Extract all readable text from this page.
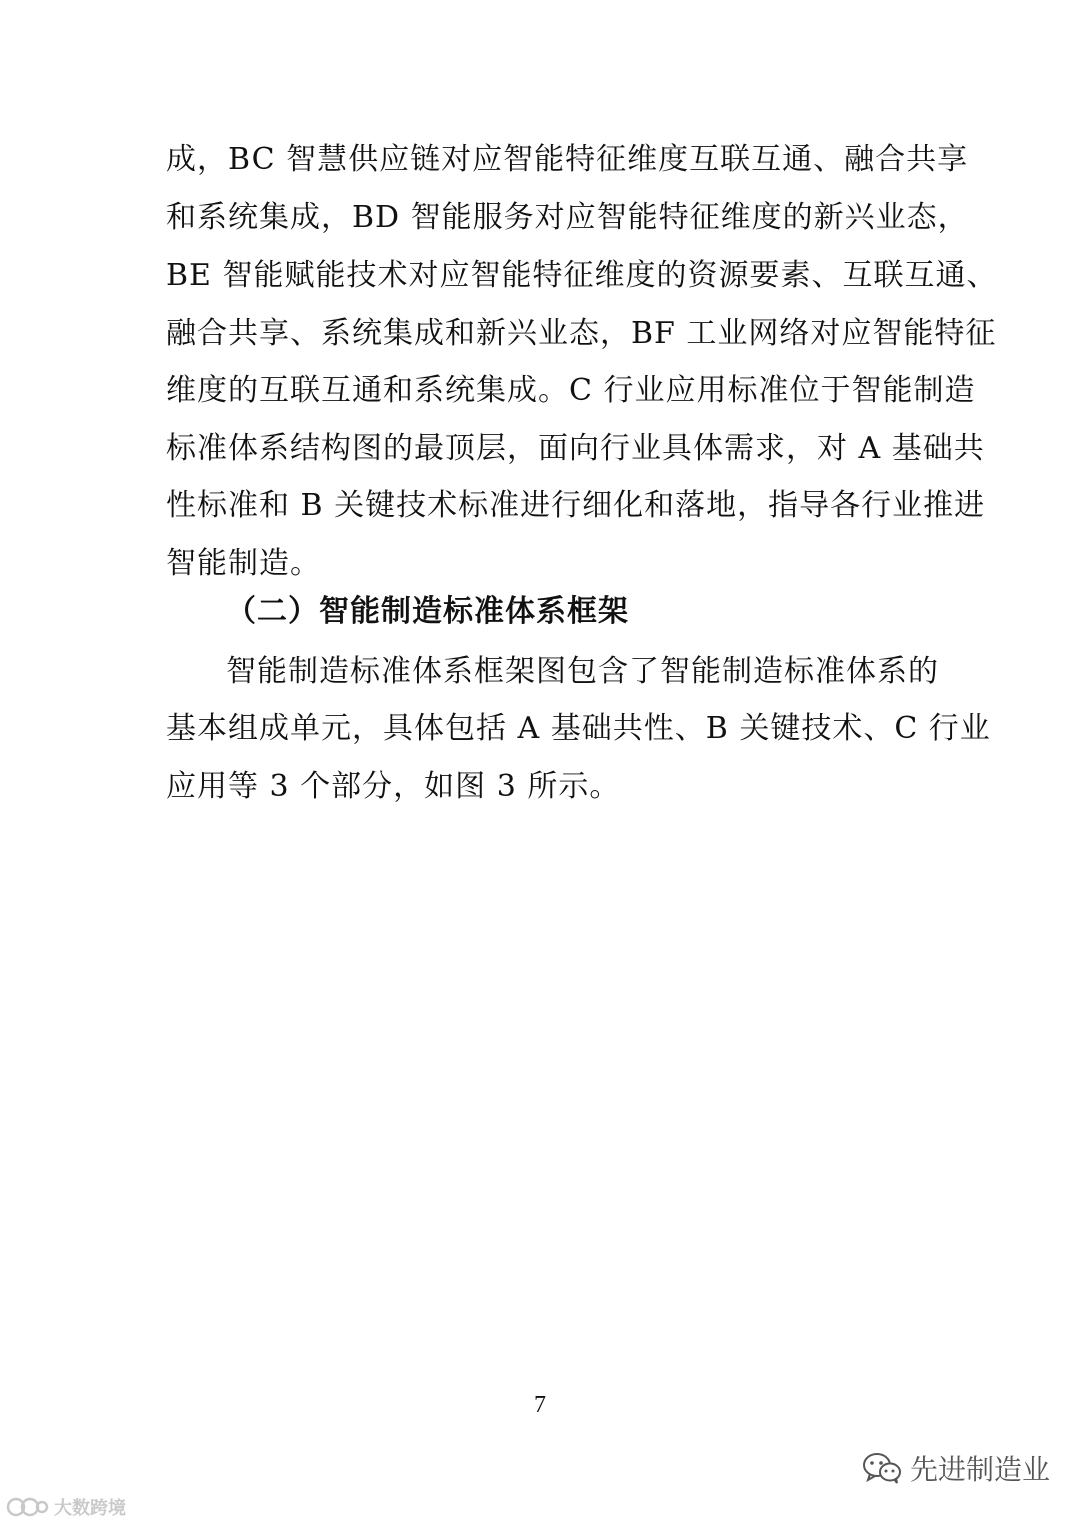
成，BC 智慧供应链对应智能特征维度互联互通、融合共享
和系统集成，BD 智能服务对应智能特征维度的新兴业态，
BE 智能赋能技术对应智能特征维度的资源要素、互联互通、
融合共享、系统集成和新兴业态，BF 工业网络对应智能特征
维度的互联互通和系统集成。C 行业应用标准位于智能制造
标准体系结构图的最顶层，面向行业具体需求，对 A 基础共
性标准和 B 关键技术标准进行细化和落地，指导各行业推进
智能制造。
（二）智能制造标准体系框架
智能制造标准体系框架图包含了智能制造标准体系的
基本组成单元，具体包括 A 基础共性、B 关键技术、C 行业
应用等 3 个部分，如图 3 所示。
7
大数跨境
先进制造业
